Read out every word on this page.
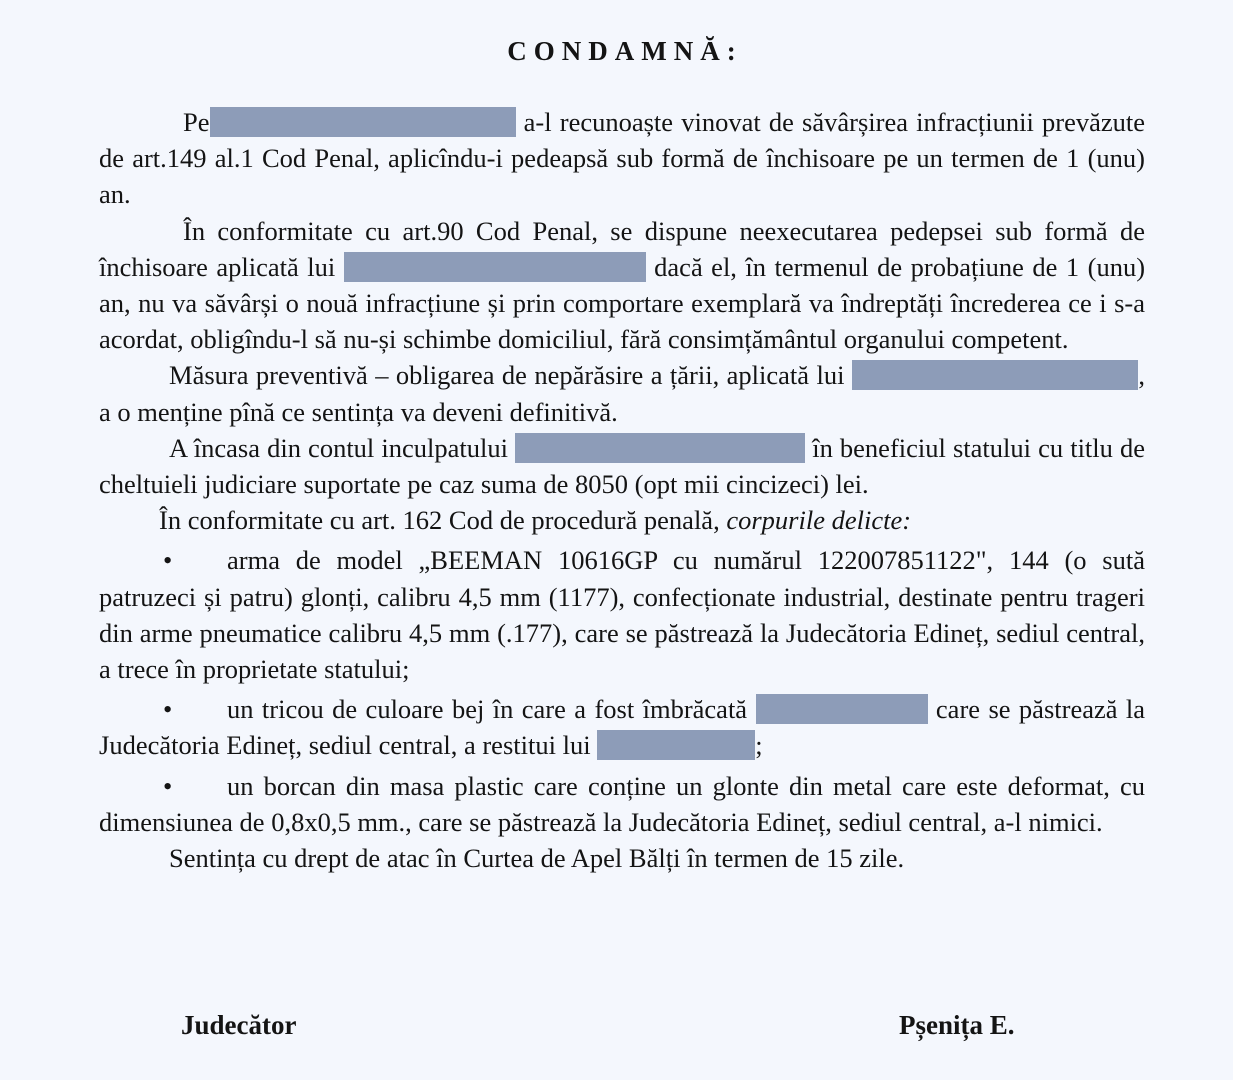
CONDAMNĂ:

Pe	a-l recunoaște vinovat de săvârșirea infracțiunii prevăzute de art.149 al.1 Cod Penal, aplicîndu-i pedeapsă sub formă de închisoare pe un termen de 1 (unu) an.

În conformitate cu art.90 Cod Penal, se dispune neexecutarea pedepsei sub formă de închisoare aplicată lui	dacă el, în termenul de probațiune de 1 (unu) an, nu va săvârși o nouă infracțiune și prin comportare exemplară va îndreptăți încrederea ce i s-a acordat, obligîndu-l să nu-și schimbe domiciliul, fără consimțământul organului competent.

Măsura preventivă – obligarea de nepărăsire a țării, aplicată lui	, a o menține pînă ce sentința va deveni definitivă.

A încasa din contul inculpatului	în beneficiul statului cu titlu de cheltuieli judiciare suportate pe caz suma de 8050 (opt mii cincizeci) lei.

În conformitate cu art. 162 Cod de procedură penală, corpurile delicte:

• arma de model „BEEMAN 10616GP cu numărul 122007851122", 144 (o sută patruzeci și patru) glonți, calibru 4,5 mm (1177), confecționate industrial, destinate pentru trageri din arme pneumatice calibru 4,5 mm (.177), care se păstrează la Judecătoria Edineț, sediul central, a trece în proprietate statului;

• un tricou de culoare bej în care a fost îmbrăcată	care se păstrează la Judecătoria Edineț, sediul central, a restitui lui	;

• un borcan din masa plastic care conține un glonte din metal care este deformat, cu dimensiunea de 0,8x0,5 mm., care se păstrează la Judecătoria Edineț, sediul central, a-l nimici.

Sentința cu drept de atac în Curtea de Apel Bălți în termen de 15 zile.

Judecător	Pșenița E.
